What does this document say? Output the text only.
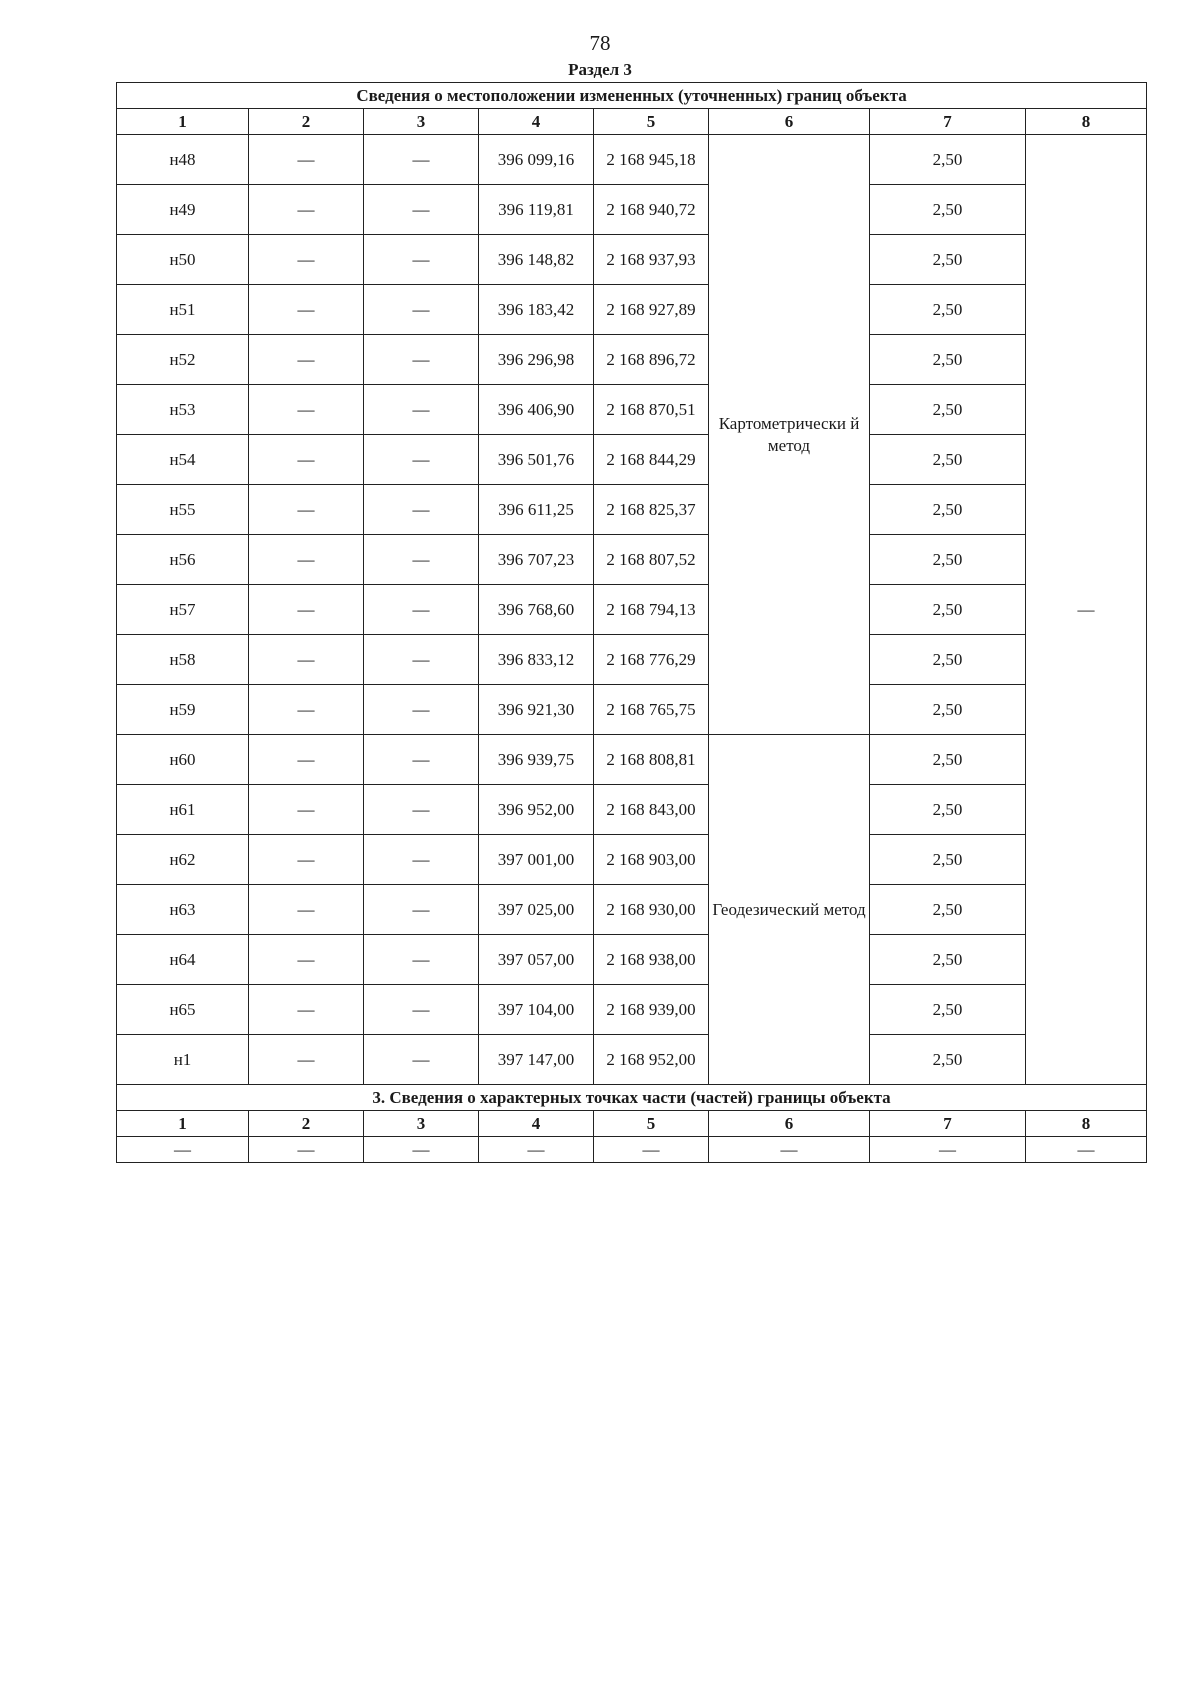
78
Раздел 3
Сведения о местоположении измененных (уточненных) границ объекта							
1	2	3	4	5	6	7	8
н48	—	—	396 099,16	2 168 945,18	Картометрически й метод	2,50	—
н49	—	—	396 119,81	2 168 940,72		2,50	
н50	—	—	396 148,82	2 168 937,93		2,50	
н51	—	—	396 183,42	2 168 927,89		2,50	
н52	—	—	396 296,98	2 168 896,72		2,50	
н53	—	—	396 406,90	2 168 870,51		2,50	
н54	—	—	396 501,76	2 168 844,29		2,50	
н55	—	—	396 611,25	2 168 825,37		2,50	
н56	—	—	396 707,23	2 168 807,52		2,50	
н57	—	—	396 768,60	2 168 794,13		2,50	
н58	—	—	396 833,12	2 168 776,29		2,50	
н59	—	—	396 921,30	2 168 765,75		2,50	
н60	—	—	396 939,75	2 168 808,81	Геодезический метод	2,50	
н61	—	—	396 952,00	2 168 843,00		2,50	
н62	—	—	397 001,00	2 168 903,00		2,50	
н63	—	—	397 025,00	2 168 930,00		2,50	
н64	—	—	397 057,00	2 168 938,00		2,50	
н65	—	—	397 104,00	2 168 939,00		2,50	
н1	—	—	397 147,00	2 168 952,00		2,50	
3. Сведения о характерных точках части (частей) границы объекта							
1	2	3	4	5	6	7	8
—	—	—	—	—	—	—	—
